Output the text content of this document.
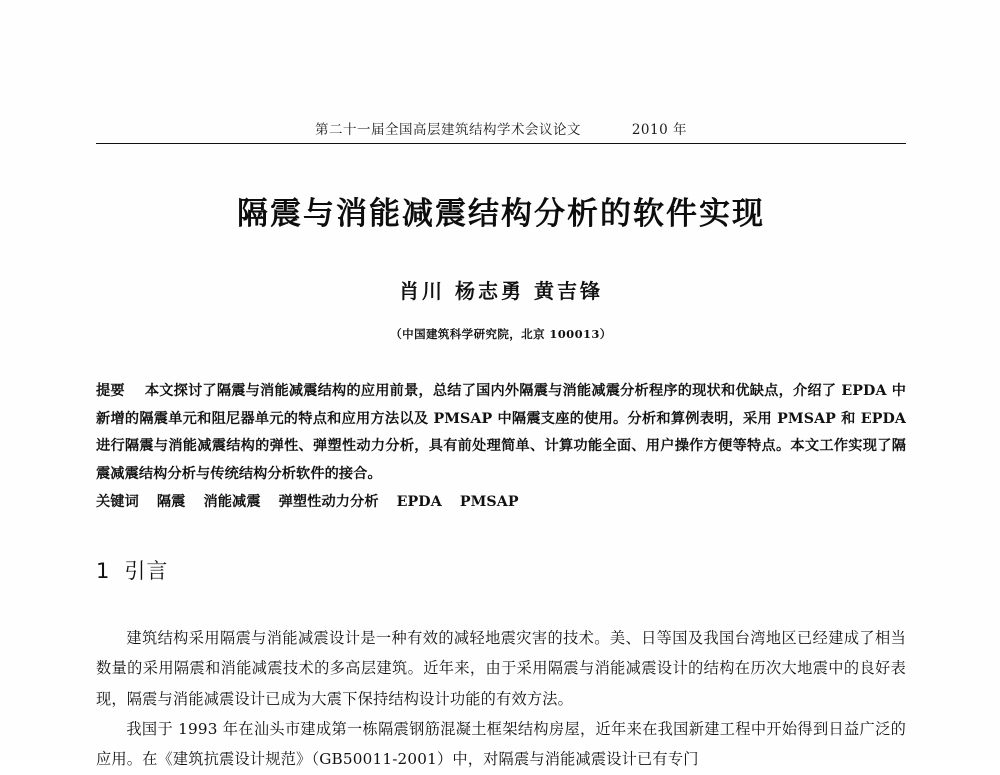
第二十一届全国高层建筑结构学术会议论文	2010 年
隔震与消能减震结构分析的软件实现
肖川 杨志勇 黄吉锋
（中国建筑科学研究院，北京 100013）
提要 本文探讨了隔震与消能减震结构的应用前景，总结了国内外隔震与消能减震分析程序的现状和优缺点，介绍了 EPDA 中新增的隔震单元和阻尼器单元的特点和应用方法以及 PMSAP 中隔震支座的使用。分析和算例表明，采用 PMSAP 和 EPDA 进行隔震与消能减震结构的弹性、弹塑性动力分析，具有前处理简单、计算功能全面、用户操作方便等特点。本文工作实现了隔震减震结构分析与传统结构分析软件的接合。
关键词 隔震 消能减震 弹塑性动力分析 EPDA PMSAP
1 引言

建筑结构采用隔震与消能减震设计是一种有效的减轻地震灾害的技术。美、日等国及我国台湾地区已经建成了相当数量的采用隔震和消能减震技术的多高层建筑。近年来，由于采用隔震与消能减震设计的结构在历次大地震中的良好表现，隔震与消能减震设计已成为大震下保持结构设计功能的有效方法。

我国于 1993 年在汕头市建成第一栋隔震钢筋混凝土框架结构房屋，近年来在我国新建工程中开始得到日益广泛的应用。在《建筑抗震设计规范》（GB50011-2001）中，对隔震与消能减震设计已有专门
